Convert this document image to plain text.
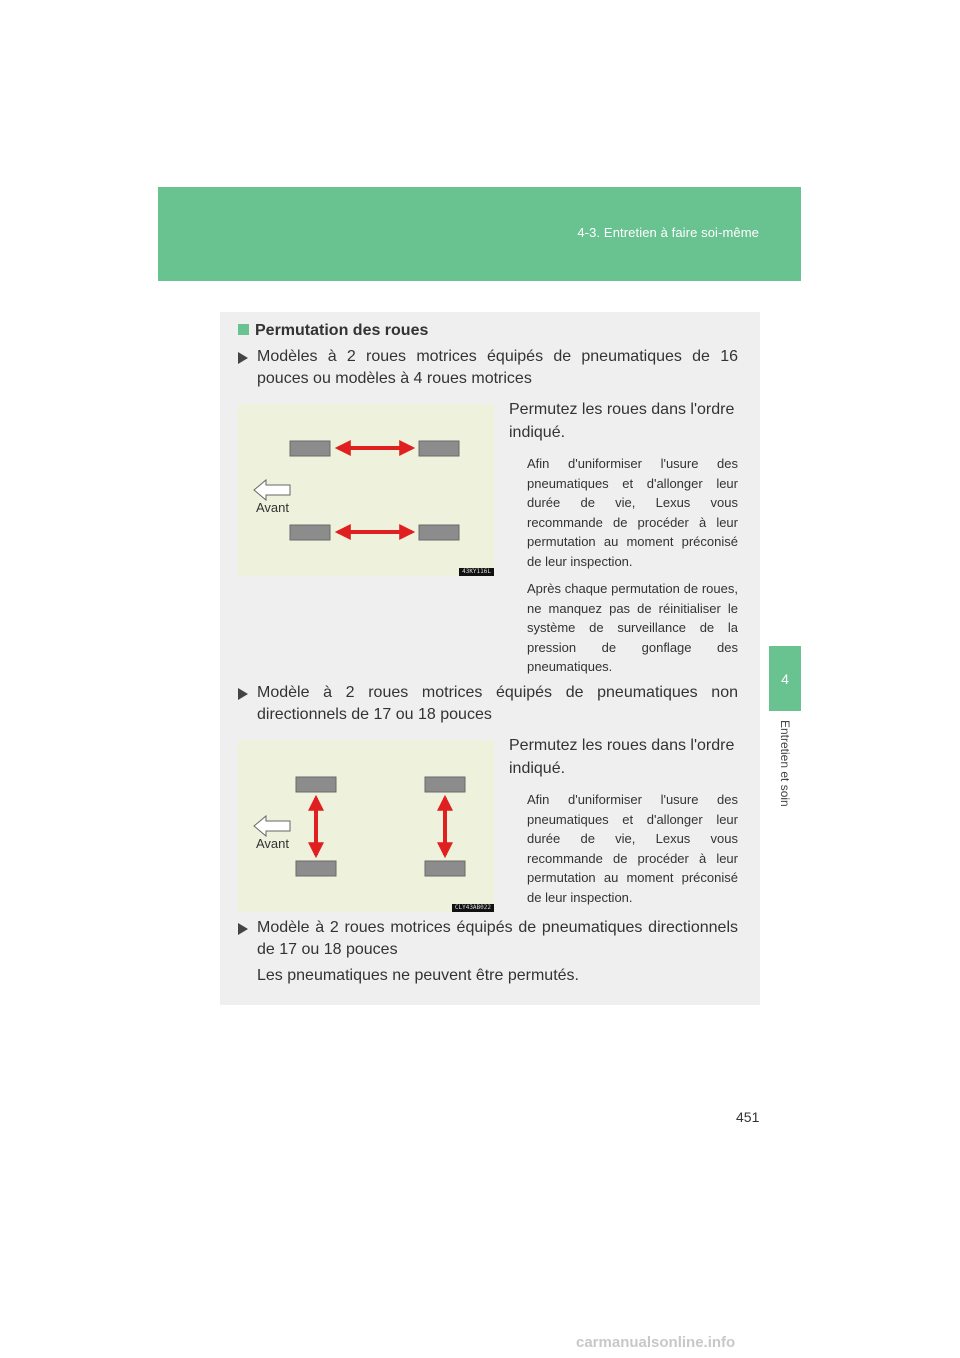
4-3. Entretien à faire soi-même
4
Entretien et soin
Permutation des roues
Modèles à 2 roues motrices équipés de pneumatiques de 16 pouces ou modèles à 4 roues motrices
Avant
43KY116L
Permutez les roues dans l'ordre indiqué.
Afin d'uniformiser l'usure des pneumatiques et d'allonger leur durée de vie, Lexus vous recommande de procéder à leur permutation au moment préconisé de leur inspection.
Après chaque permutation de roues, ne manquez pas de réinitialiser le système de surveillance de la pression de gonflage des pneumatiques.
Modèle à 2 roues motrices équipés de pneumatiques non directionnels de 17 ou 18 pouces
Avant
CLY43AB022
Permutez les roues dans l'ordre indiqué.
Afin d'uniformiser l'usure des pneumatiques et d'allonger leur durée de vie, Lexus vous recommande de procéder à leur permutation au moment préconisé de leur inspection.
Modèle à 2 roues motrices équipés de pneumatiques directionnels de 17 ou 18 pouces
Les pneumatiques ne peuvent être permutés.
451
carmanualsonline.info
